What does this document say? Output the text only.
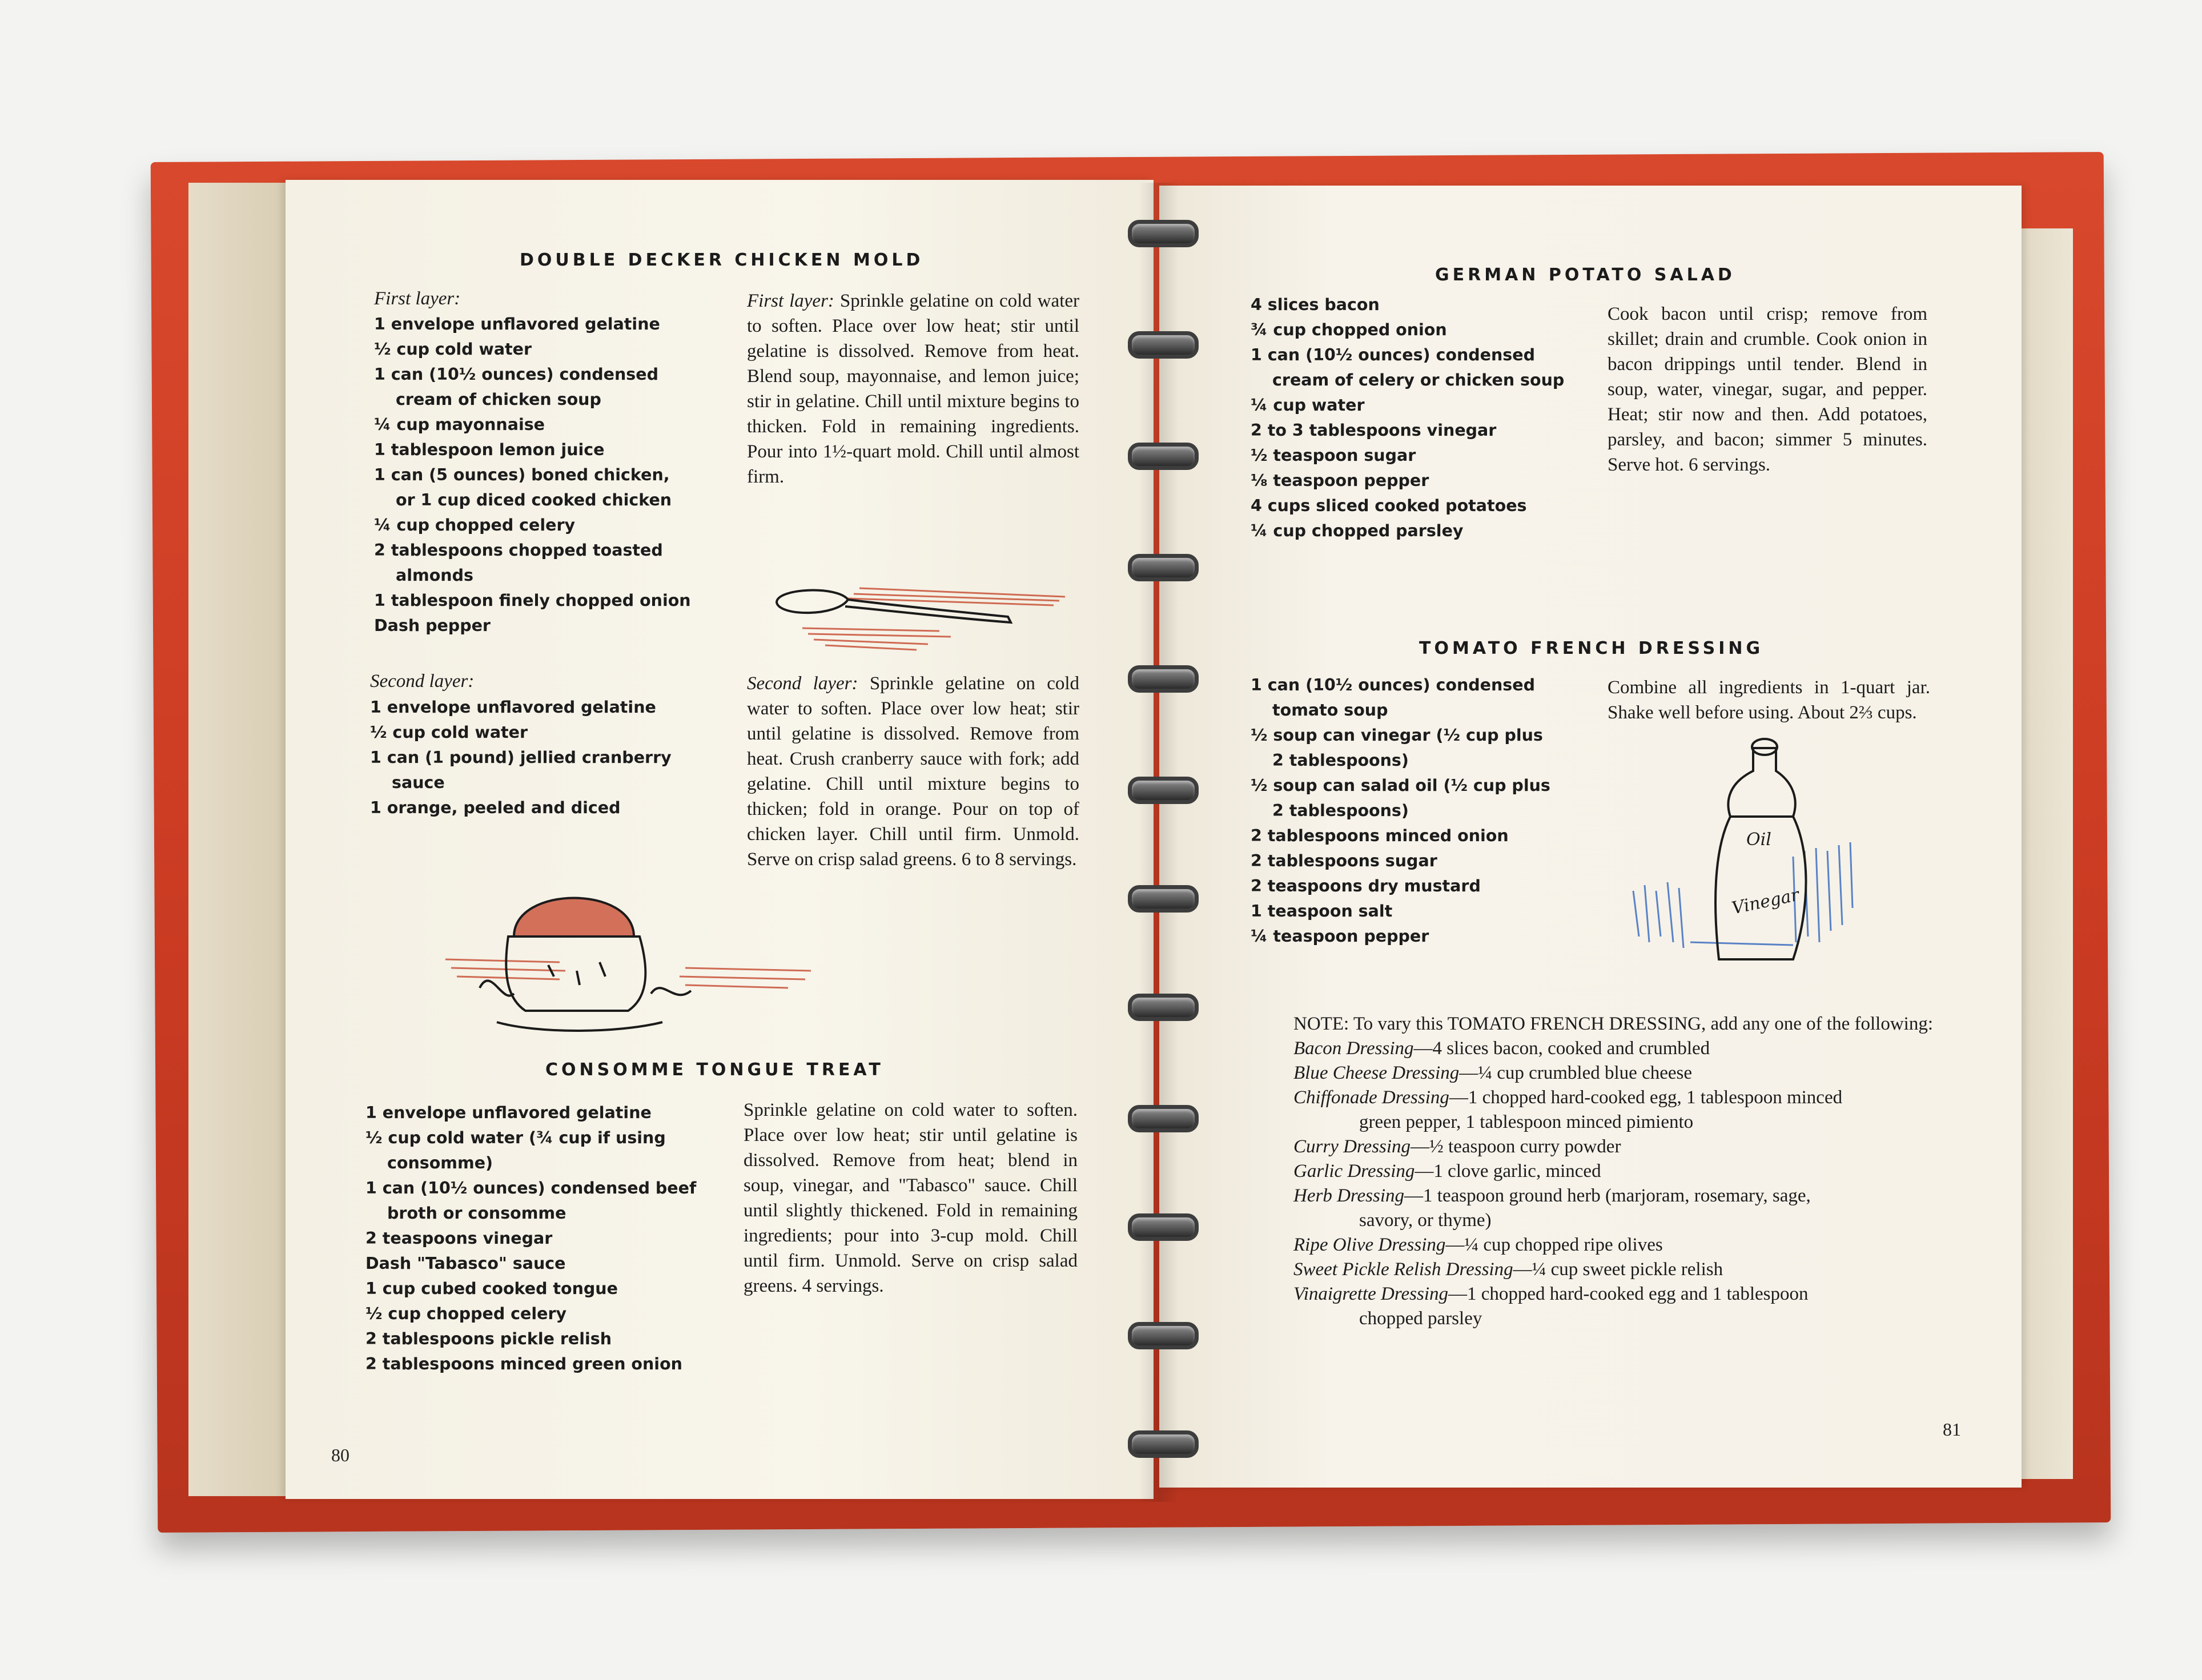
DOUBLE DECKER CHICKEN MOLD
First layer:
1 envelope unflavored gelatine
½ cup cold water
1 can (10½ ounces) condensed
cream of chicken soup
¼ cup mayonnaise
1 tablespoon lemon juice
1 can (5 ounces) boned chicken,
or 1 cup diced cooked chicken
¼ cup chopped celery
2 tablespoons chopped toasted
almonds
1 tablespoon finely chopped onion
Dash pepper
First layer: Sprinkle gelatine on cold water to soften. Place over low heat; stir until gelatine is dissolved. Remove from heat. Blend soup, mayonnaise, and lemon juice; stir in gelatine. Chill until mixture begins to thicken. Fold in remaining ingredients. Pour into 1½-quart mold. Chill until almost firm.
Second layer:
1 envelope unflavored gelatine
½ cup cold water
1 can (1 pound) jellied cranberry
sauce
1 orange, peeled and diced
Second layer: Sprinkle gelatine on cold water to soften. Place over low heat; stir until gelatine is dissolved. Remove from heat. Crush cranberry sauce with fork; add gelatine. Chill until mixture begins to thicken; fold in orange. Pour on top of chicken layer. Chill until firm. Unmold. Serve on crisp salad greens. 6 to 8 servings.
CONSOMME TONGUE TREAT
1 envelope unflavored gelatine
½ cup cold water (¾ cup if using
consomme)
1 can (10½ ounces) condensed beef
broth or consomme
2 teaspoons vinegar
Dash "Tabasco" sauce
1 cup cubed cooked tongue
½ cup chopped celery
2 tablespoons pickle relish
2 tablespoons minced green onion
Sprinkle gelatine on cold water to soften. Place over low heat; stir until gelatine is dissolved. Remove from heat; blend in soup, vinegar, and "Tabasco" sauce. Chill until slightly thickened. Fold in remaining ingredients; pour into 3-cup mold. Chill until firm. Unmold. Serve on crisp salad greens. 4 servings.
80
GERMAN POTATO SALAD
4 slices bacon
¾ cup chopped onion
1 can (10½ ounces) condensed
cream of celery or chicken soup
¼ cup water
2 to 3 tablespoons vinegar
½ teaspoon sugar
⅛ teaspoon pepper
4 cups sliced cooked potatoes
¼ cup chopped parsley
Cook bacon until crisp; remove from skillet; drain and crumble. Cook onion in bacon drippings until tender. Blend in soup, water, vinegar, sugar, and pepper. Heat; stir now and then. Add potatoes, parsley, and bacon; simmer 5 minutes. Serve hot. 6 servings.
TOMATO FRENCH DRESSING
1 can (10½ ounces) condensed
tomato soup
½ soup can vinegar (½ cup plus
2 tablespoons)
½ soup can salad oil (½ cup plus
2 tablespoons)
2 tablespoons minced onion
2 tablespoons sugar
2 teaspoons dry mustard
1 teaspoon salt
¼ teaspoon pepper
Combine all ingredients in 1-quart jar. Shake well before using. About 2⅔ cups.
Oil
Vinegar
NOTE: To vary this TOMATO FRENCH DRESSING, add any one of the following:
Bacon Dressing—4 slices bacon, cooked and crumbled
Blue Cheese Dressing—¼ cup crumbled blue cheese
Chiffonade Dressing—1 chopped hard-cooked egg, 1 tablespoon minced
green pepper, 1 tablespoon minced pimiento
Curry Dressing—½ teaspoon curry powder
Garlic Dressing—1 clove garlic, minced
Herb Dressing—1 teaspoon ground herb (marjoram, rosemary, sage,
savory, or thyme)
Ripe Olive Dressing—¼ cup chopped ripe olives
Sweet Pickle Relish Dressing—¼ cup sweet pickle relish
Vinaigrette Dressing—1 chopped hard-cooked egg and 1 tablespoon
chopped parsley
81
